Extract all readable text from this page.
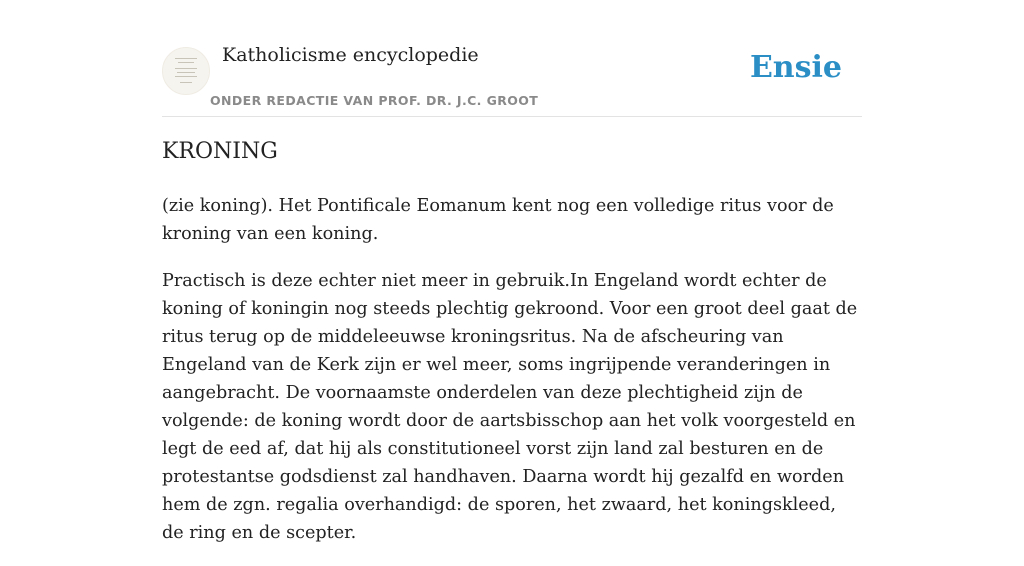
Katholicisme encyclopedie
ONDER REDACTIE VAN PROF. DR. J.C. GROOT
Ensie
KRONING

(zie koning). Het Pontificale Eomanum kent nog een volledige ritus voor de kroning van een koning.

Practisch is deze echter niet meer in gebruik.In Engeland wordt echter de koning of koningin nog steeds plechtig gekroond. Voor een groot deel gaat de ritus terug op de middeleeuwse kroningsritus. Na de afscheuring van Engeland van de Kerk zijn er wel meer, soms ingrijpende veranderingen in aangebracht. De voornaamste onderdelen van deze plechtigheid zijn de volgende: de koning wordt door de aartsbisschop aan het volk voorgesteld en legt de eed af, dat hij als constitutioneel vorst zijn land zal besturen en de protestantse godsdienst zal handhaven. Daarna wordt hij gezalfd en worden hem de zgn. regalia overhandigd: de sporen, het zwaard, het koningskleed, de ring en de scepter.
